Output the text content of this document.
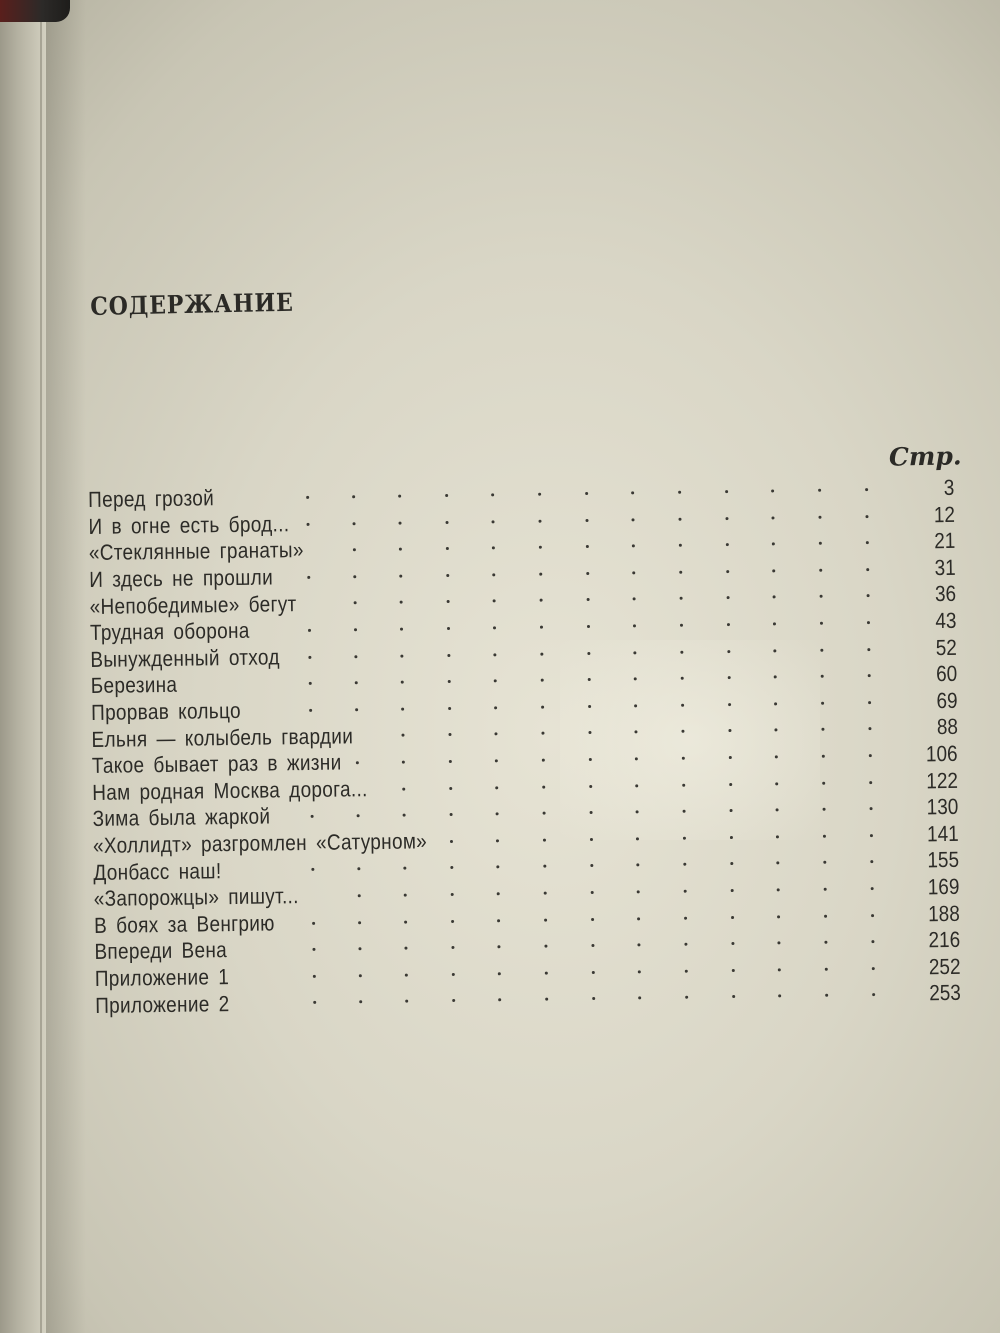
СОДЕРЖАНИЕ
Стр.
Перед грозой	3
И в огне есть брод...	12
«Стеклянные гранаты»	21
И здесь не прошли	31
«Непобедимые» бегут	36
Трудная оборона	43
Вынужденный отход	52
Березина	60
Прорвав кольцо	69
Ельня — колыбель гвардии	88
Такое бывает раз в жизни	106
Нам родная Москва дорога...	122
Зима была жаркой	130
«Холлидт» разгромлен «Сатурном»	141
Донбасс наш!	155
«Запорожцы» пишут...	169
В боях за Венгрию	188
Впереди Вена	216
Приложение 1	252
Приложение 2	253
